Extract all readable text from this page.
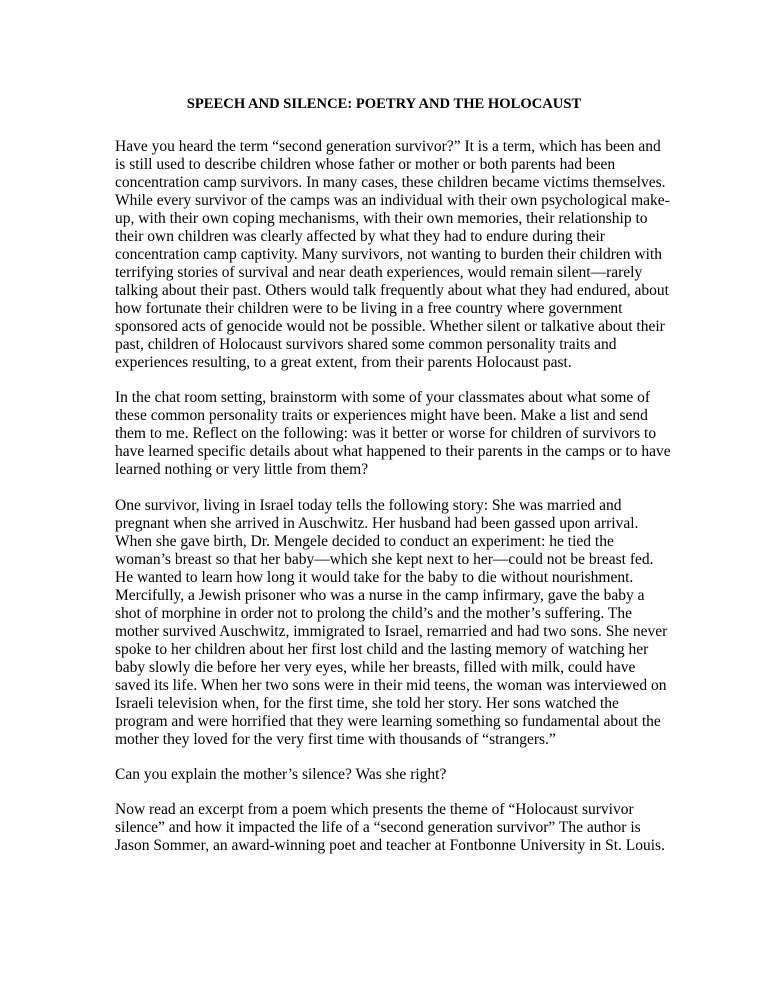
SPEECH AND SILENCE: POETRY AND THE HOLOCAUST

Have you heard the term “second generation survivor?” It is a term, which has been and

is still used to describe children whose father or mother or both parents had been

concentration camp survivors. In many cases, these children became victims themselves.

While every survivor of the camps was an individual with their own psychological make-

up, with their own coping mechanisms, with their own memories, their relationship to

their own children was clearly affected by what they had to endure during their

concentration camp captivity. Many survivors, not wanting to burden their children with

terrifying stories of survival and near death experiences, would remain silent—rarely

talking about their past. Others would talk frequently about what they had endured, about

how fortunate their children were to be living in a free country where government

sponsored acts of genocide would not be possible. Whether silent or talkative about their

past, children of Holocaust survivors shared some common personality traits and

experiences resulting, to a great extent, from their parents Holocaust past.

In the chat room setting, brainstorm with some of your classmates about what some of

these common personality traits or experiences might have been. Make a list and send

them to me. Reflect on the following: was it better or worse for children of survivors to

have learned specific details about what happened to their parents in the camps or to have

learned nothing or very little from them?

One survivor, living in Israel today tells the following story: She was married and

pregnant when she arrived in Auschwitz. Her husband had been gassed upon arrival.

When she gave birth, Dr. Mengele decided to conduct an experiment: he tied the

woman’s breast so that her baby—which she kept next to her—could not be breast fed.

He wanted to learn how long it would take for the baby to die without nourishment.

Mercifully, a Jewish prisoner who was a nurse in the camp infirmary, gave the baby a

shot of morphine in order not to prolong the child’s and the mother’s suffering. The

mother survived Auschwitz, immigrated to Israel, remarried and had two sons. She never

spoke to her children about her first lost child and the lasting memory of watching her

baby slowly die before her very eyes, while her breasts, filled with milk, could have

saved its life. When her two sons were in their mid teens, the woman was interviewed on

Israeli television when, for the first time, she told her story. Her sons watched the

program and were horrified that they were learning something so fundamental about the

mother they loved for the very first time with thousands of “strangers.”

Can you explain the mother’s silence? Was she right?

Now read an excerpt from a poem which presents the theme of “Holocaust survivor

silence” and how it impacted the life of a “second generation survivor” The author is

Jason Sommer, an award-winning poet and teacher at Fontbonne University in St. Louis.
